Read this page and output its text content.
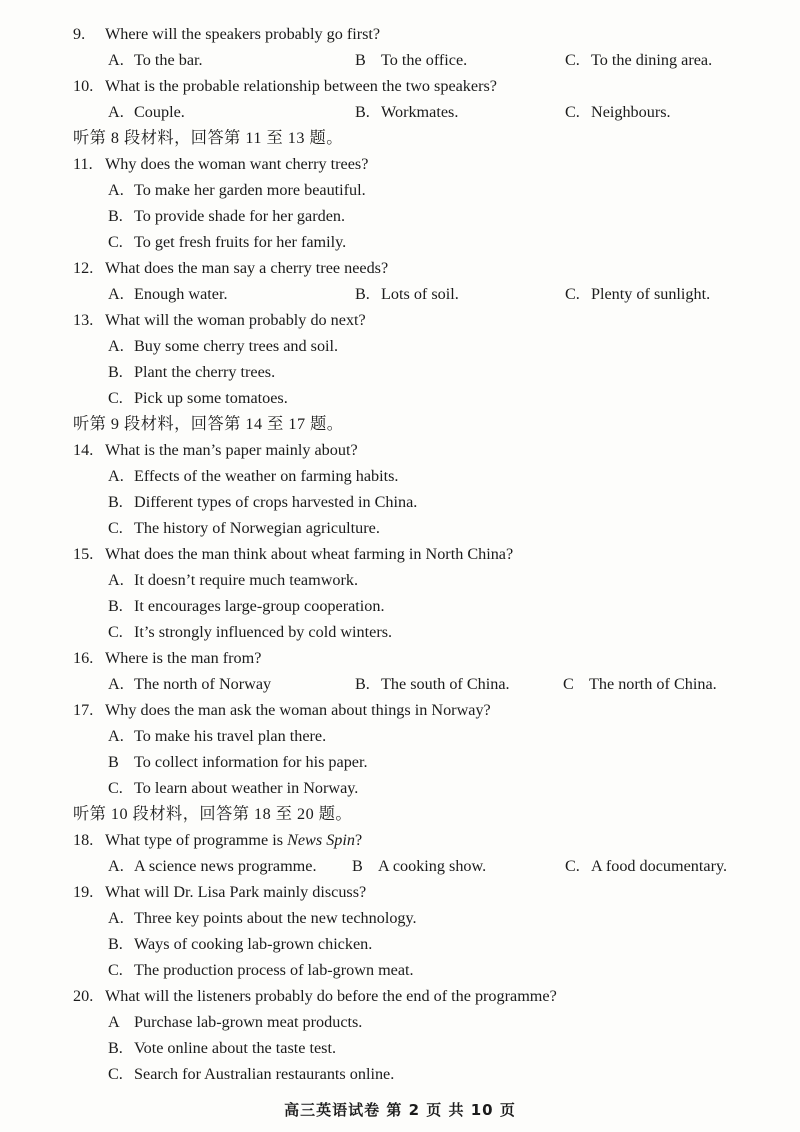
9. Where will the speakers probably go first?
A. To the bar.	B To the office.	C. To the dining area.
10. What is the probable relationship between the two speakers?
A. Couple.	B. Workmates.	C. Neighbours.
听第 8 段材料，回答第 11 至 13 题。
11. Why does the woman want cherry trees?
A. To make her garden more beautiful.
B. To provide shade for her garden.
C. To get fresh fruits for her family.
12. What does the man say a cherry tree needs?
A. Enough water.	B. Lots of soil.	C. Plenty of sunlight.
13. What will the woman probably do next?
A. Buy some cherry trees and soil.
B. Plant the cherry trees.
C. Pick up some tomatoes.
听第 9 段材料，回答第 14 至 17 题。
14. What is the man’s paper mainly about?
A. Effects of the weather on farming habits.
B. Different types of crops harvested in China.
C. The history of Norwegian agriculture.
15. What does the man think about wheat farming in North China?
A. It doesn’t require much teamwork.
B. It encourages large-group cooperation.
C. It’s strongly influenced by cold winters.
16. Where is the man from?
A. The north of Norway	B. The south of China.	C The north of China.
17. Why does the man ask the woman about things in Norway?
A. To make his travel plan there.
B To collect information for his paper.
C. To learn about weather in Norway.
听第 10 段材料，回答第 18 至 20 题。
18. What type of programme is News Spin?
A. A science news programme. B A cooking show.	C. A food documentary.
19. What will Dr. Lisa Park mainly discuss?
A. Three key points about the new technology.
B. Ways of cooking lab-grown chicken.
C. The production process of lab-grown meat.
20. What will the listeners probably do before the end of the programme?
A Purchase lab-grown meat products.
B. Vote online about the taste test.
C. Search for Australian restaurants online.
高三英语试卷 第 2 页 共 10 页
